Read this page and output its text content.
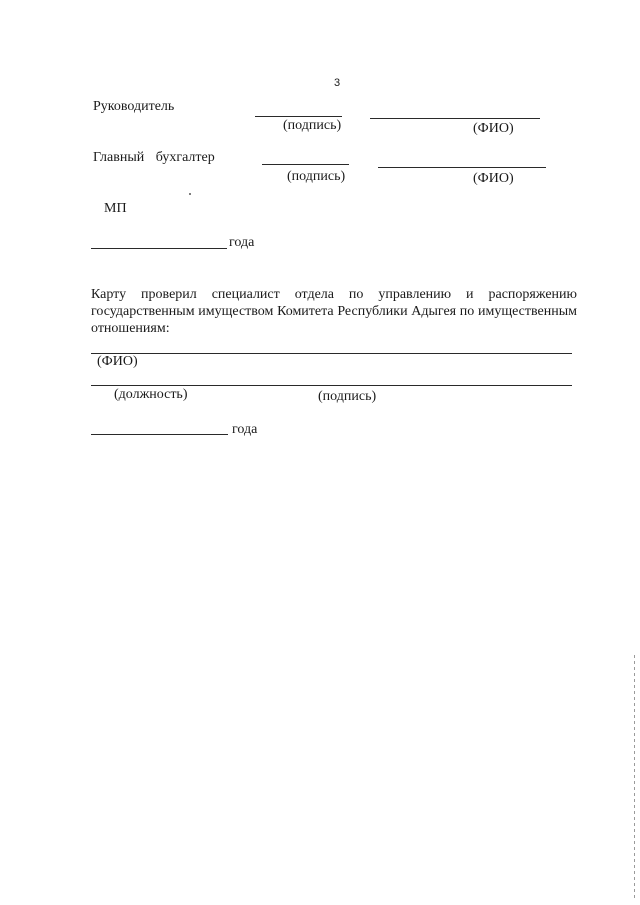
3
Руководитель
(подпись)	(ФИО)
Главный бухгалтер
(подпись)	(ФИО)
МП
года
Карту проверил специалист отдела по управлению и распоряжению государственным имуществом Комитета Республики Адыгея по имущественным отношениям:
(ФИО)
(должность)	(подпись)
года
